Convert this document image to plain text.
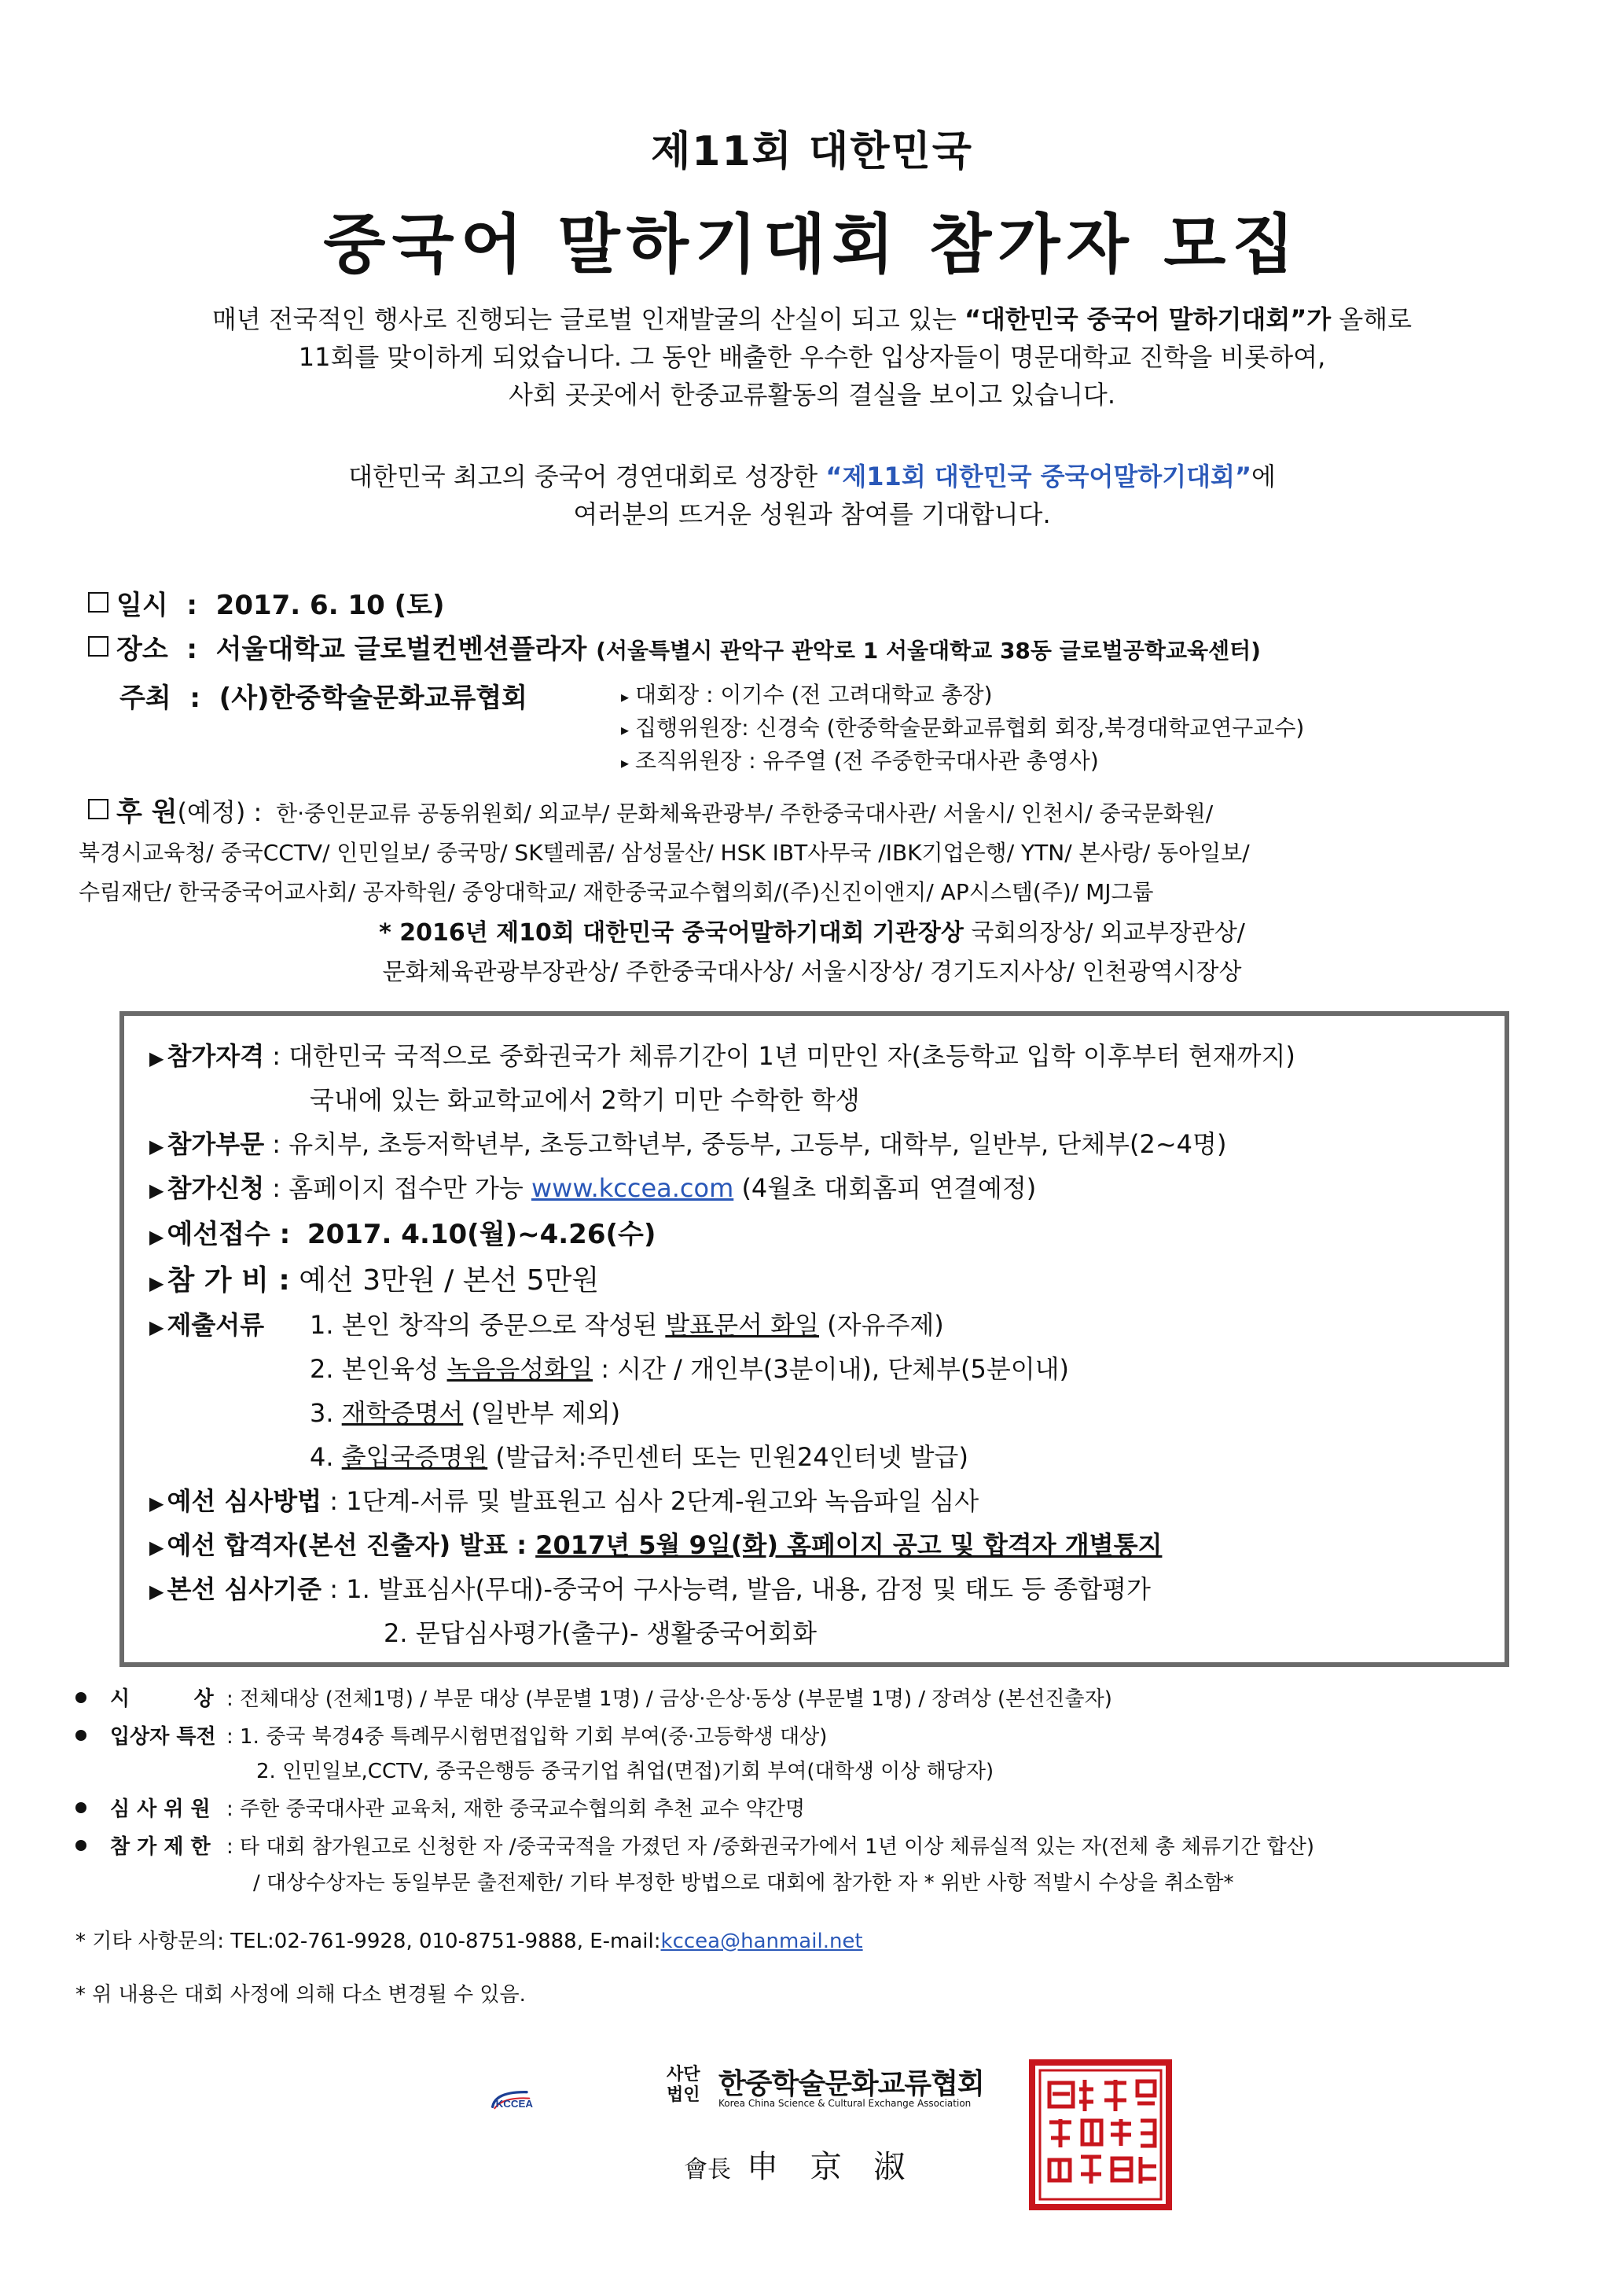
제11회 대한민국
중국어 말하기대회 참가자 모집
매년 전국적인 행사로 진행되는 글로벌 인재발굴의 산실이 되고 있는 “대한민국 중국어 말하기대회”가 올해로
11회를 맞이하게 되었습니다. 그 동안 배출한 우수한 입상자들이 명문대학교 진학을 비롯하여,
사회 곳곳에서 한중교류활동의 결실을 보이고 있습니다.
대한민국 최고의 중국어 경연대회로 성장한 “제11회 대한민국 중국어말하기대회”에
여러분의 뜨거운 성원과 참여를 기대합니다.
일시  :  2017. 6. 10 (토)
장소  :  서울대학교 글로벌컨벤션플라자 (서울특별시 관악구 관악로 1 서울대학교 38동 글로벌공학교육센터)
주최  :  (사)한중학술문화교류협회	▸ 대회장 : 이기수 (전 고려대학교 총장)
▸ 집행위원장: 신경숙 (한중학술문화교류협회 회장,북경대학교연구교수)
▸ 조직위원장 : 유주열 (전 주중한국대사관 총영사)
후 원(예정) : 한·중인문교류 공동위원회/ 외교부/ 문화체육관광부/ 주한중국대사관/ 서울시/ 인천시/ 중국문화원/
북경시교육청/ 중국CCTV/ 인민일보/ 중국망/ SK텔레콤/ 삼성물산/ HSK IBT사무국 /IBK기업은행/ YTN/ 본사랑/ 동아일보/
수림재단/ 한국중국어교사회/ 공자학원/ 중앙대학교/ 재한중국교수협의회/(주)신진이앤지/ AP시스템(주)/ MJ그룹
* 2016년 제10회 대한민국 중국어말하기대회 기관장상 국회의장상/ 외교부장관상/
문화체육관광부장관상/ 주한중국대사상/ 서울시장상/ 경기도지사상/ 인천광역시장상
▶ 참가자격 : 대한민국 국적으로 중화권국가 체류기간이 1년 미만인 자(초등학교 입학 이후부터 현재까지)
국내에 있는 화교학교에서 2학기 미만 수학한 학생
▶ 참가부문 : 유치부, 초등저학년부, 초등고학년부, 중등부, 고등부, 대학부, 일반부, 단체부(2~4명)
▶ 참가신청 : 홈페이지 접수만 가능 www.kccea.com (4월초 대회홈피 연결예정)
▶ 예선접수 : 2017. 4.10(월)~4.26(수)
▶ 참 가 비 : 예선 3만원 / 본선 5만원
▶ 제출서류 1. 본인 창작의 중문으로 작성된 발표문서 화일 (자유주제)
2. 본인육성 녹음음성화일 : 시간 / 개인부(3분이내), 단체부(5분이내)
3. 재학증명서 (일반부 제외)
4. 출입국증명원 (발급처:주민센터 또는 민원24인터넷 발급)
▶ 예선 심사방법 : 1단계-서류 및 발표원고 심사 2단계-원고와 녹음파일 심사
▶ 예선 합격자(본선 진출자) 발표 : 2017년 5월 9일(화) 홈페이지 공고 및 합격자 개별통지
▶ 본선 심사기준 : 1. 발표심사(무대)-중국어 구사능력, 발음, 내용, 감정 및 태도 등 종합평가
2. 문답심사평가(출구)- 생활중국어회화
시         상 : 전체대상 (전체1명) / 부문 대상 (부문별 1명) / 금상·은상·동상 (부문별 1명) / 장려상 (본선진출자)
입상자 특전 : 1. 중국 북경4중 특례무시험면접입학 기회 부여(중·고등학생 대상)
2. 인민일보,CCTV, 중국은행등 중국기업 취업(면접)기회 부여(대학생 이상 해당자)
심 사 위 원 : 주한 중국대사관 교육처, 재한 중국교수협의회 추천 교수 약간명
참 가 제 한 : 타 대회 참가원고로 신청한 자 /중국국적을 가졌던 자 /중화권국가에서 1년 이상 체류실적 있는 자(전체 총 체류기간 합산)
/ 대상수상자는 동일부문 출전제한/ 기타 부정한 방법으로 대회에 참가한 자 * 위반 사항 적발시 수상을 취소함*
* 기타 사항문의: TEL:02-761-9928, 010-8751-9888, E-mail:kccea@hanmail.net
* 위 내용은 대회 사정에 의해 다소 변경될 수 있음.
KCCEA
사단
법인 한중학술문화교류협회
Korea China Science & Cultural Exchange Association
會長 申 京 淑
